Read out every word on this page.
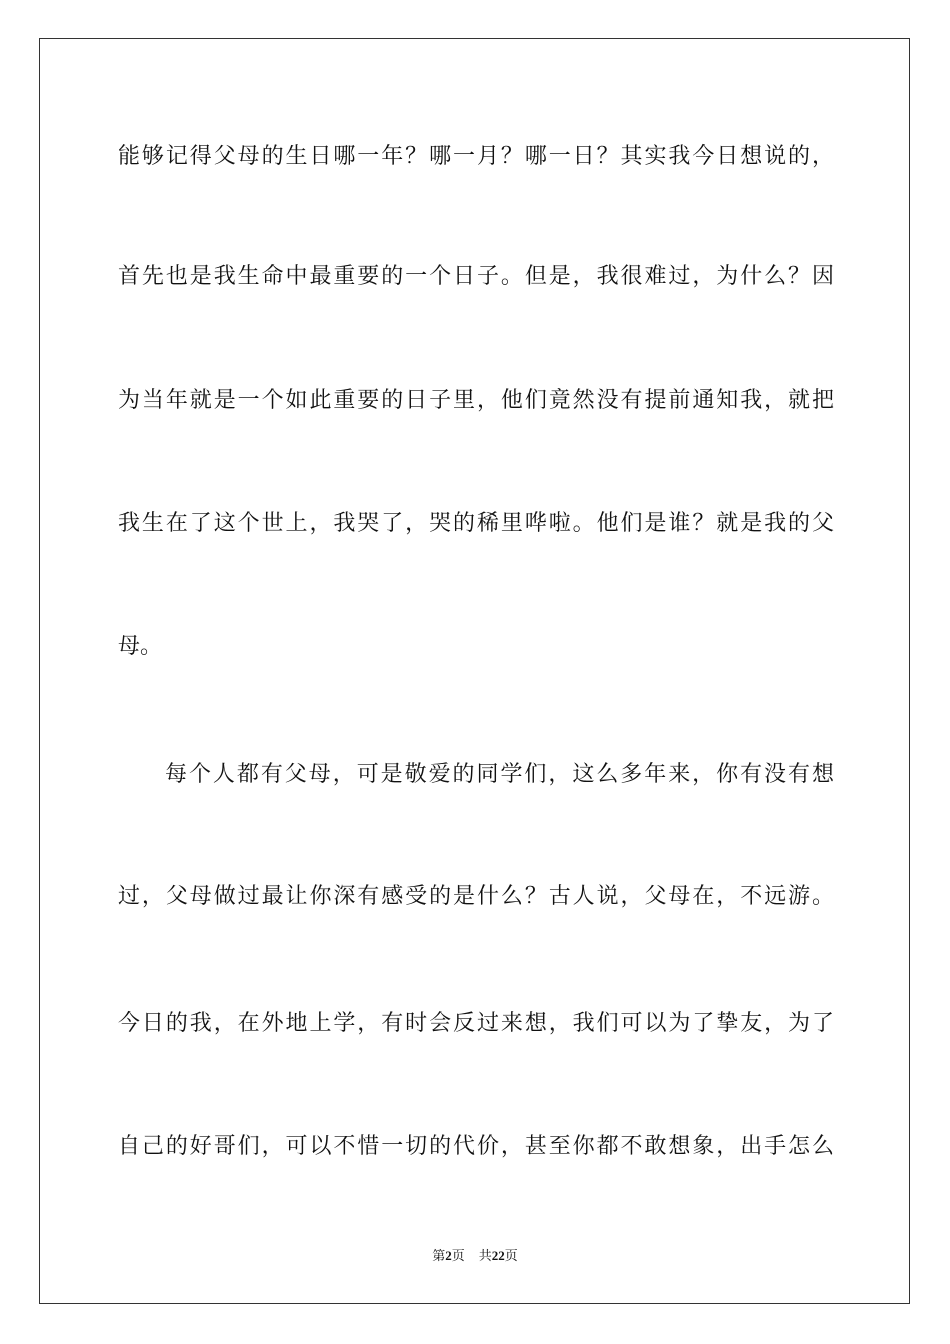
能够记得父母的生日哪一年？哪一月？哪一日？其实我今日想说的，
首先也是我生命中最重要的一个日子。但是，我很难过，为什么？因
为当年就是一个如此重要的日子里，他们竟然没有提前通知我，就把
我生在了这个世上，我哭了，哭的稀里哗啦。他们是谁？就是我的父
母。
每个人都有父母，可是敬爱的同学们，这么多年来，你有没有想
过，父母做过最让你深有感受的是什么？古人说，父母在，不远游。
今日的我，在外地上学，有时会反过来想，我们可以为了挚友，为了
自己的好哥们，可以不惜一切的代价，甚至你都不敢想象，出手怎么
第2页 共22页
